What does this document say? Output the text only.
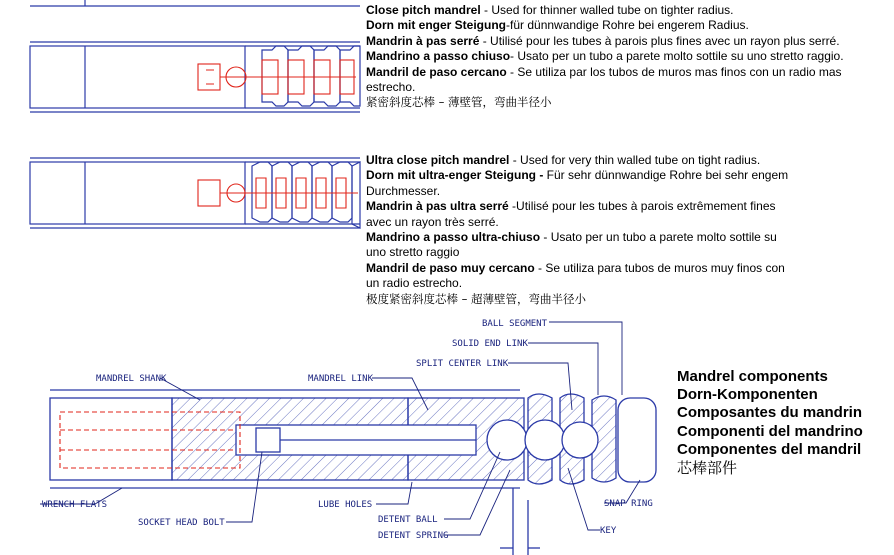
BALL SEGMENT
SOLID END LINK
SPLIT CENTER LINK
MANDREL SHANK	MANDREL LINK
WRENCH FLATS
SOCKET HEAD BOLT
LUBE HOLES
DETENT BALL
DETENT SPRING	KEY
SNAP RING

Close pitch mandrel - Used for thinner walled tube on tighter radius.

Dorn mit enger Steigung-für dünnwandige Rohre bei engerem Radius.

Mandrin à pas serré - Utilisé pour les tubes à parois plus fines avec un rayon plus serré.

Mandrino a passo chiuso- Usato per un tubo a parete molto sottile su uno stretto raggio.

Mandril de paso cercano - Se utiliza par los tubos de muros mas finos con un radio mas estrecho.

紧密斜度芯棒 – 薄壁管，弯曲半径小

Ultra close pitch mandrel - Used for very thin walled tube on tight radius.

Dorn mit ultra-enger Steigung - Für sehr dünnwandige Rohre bei sehr engem Durchmesser.

Mandrin à pas ultra serré -Utilisé pour les tubes à parois extrêmement fines avec un rayon très serré.

Mandrino a passo ultra-chiuso - Usato per un tubo a parete molto sottile su uno stretto raggio

Mandril de paso muy cercano - Se utiliza para tubos de muros muy finos con un radio estrecho.

极度紧密斜度芯棒 – 超薄壁管，弯曲半径小

Mandrel components
Dorn-Komponenten
Composantes du mandrin
Componenti del mandrino
Componentes del mandril
芯棒部件
